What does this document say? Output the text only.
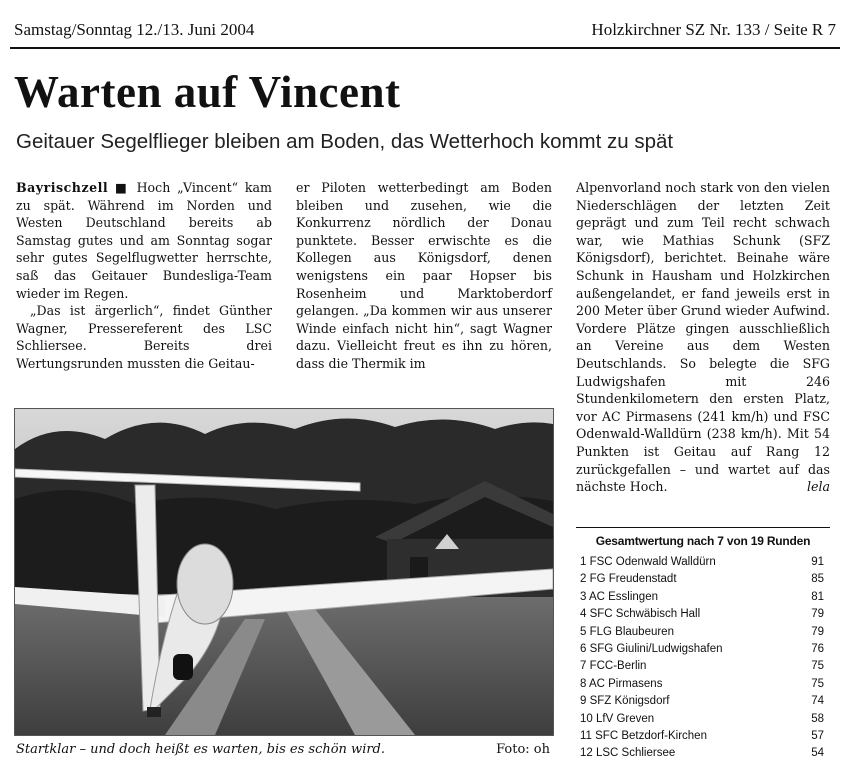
Samstag/Sonntag 12./13. Juni 2004	Holzkirchner SZ Nr. 133 / Seite R 7
Warten auf Vincent
Geitauer Segelflieger bleiben am Boden, das Wetterhoch kommt zu spät

Bayrischzell ■ Hoch „Vincent“ kam zu spät. Während im Norden und Westen Deutschland bereits ab Samstag gutes und am Sonntag sogar sehr gutes Segelflugwetter herrschte, saß das Geitauer Bundesliga-Team wieder im Regen.

„Das ist ärgerlich“, findet Günther Wagner, Pressereferent des LSC Schliersee. Bereits drei Wertungsrunden mussten die Geitau-

er Piloten wetterbedingt am Boden bleiben und zusehen, wie die Konkurrenz nördlich der Donau punktete. Besser erwischte es die Kollegen aus Königsdorf, denen wenigstens ein paar Hopser bis Rosenheim und Marktoberdorf gelangen. „Da kommen wir aus unserer Winde einfach nicht hin“, sagt Wagner dazu. Vielleicht freut es ihn zu hören, dass die Thermik im

Alpenvorland noch stark von den vielen Niederschlägen der letzten Zeit geprägt und zum Teil recht schwach war, wie Mathias Schunk (SFZ Königsdorf), berichtet. Beinahe wäre Schunk in Hausham und Holzkirchen außengelandet, er fand jeweils erst in 200 Meter über Grund wieder Aufwind. Vordere Plätze gingen ausschließlich an Vereine aus dem Westen Deutschlands. So belegte die SFG Ludwigshafen mit 246 Stundenkilometern den ersten Platz, vor AC Pirmasens (241 km/h) und FSC Odenwald-Walldürn (238 km/h). Mit 54 Punkten ist Geitau auf Rang 12 zurückgefallen – und wartet auf das nächste Hoch.	lela

Startklar – und doch heißt es warten, bis es schön wird.	Foto: oh
Gesamtwertung nach 7 von 19 Runden
1 FSC Odenwald Walldürn	91
2 FG Freudenstadt	85
3 AC Esslingen	81
4 SFC Schwäbisch Hall	79
5 FLG Blaubeuren	79
6 SFG Giulini/Ludwigshafen	76
7 FCC-Berlin	75
8 AC Pirmasens	75
9 SFZ Königsdorf	74
10 LfV Greven	58
11 SFC Betzdorf-Kirchen	57
12 LSC Schliersee	54
